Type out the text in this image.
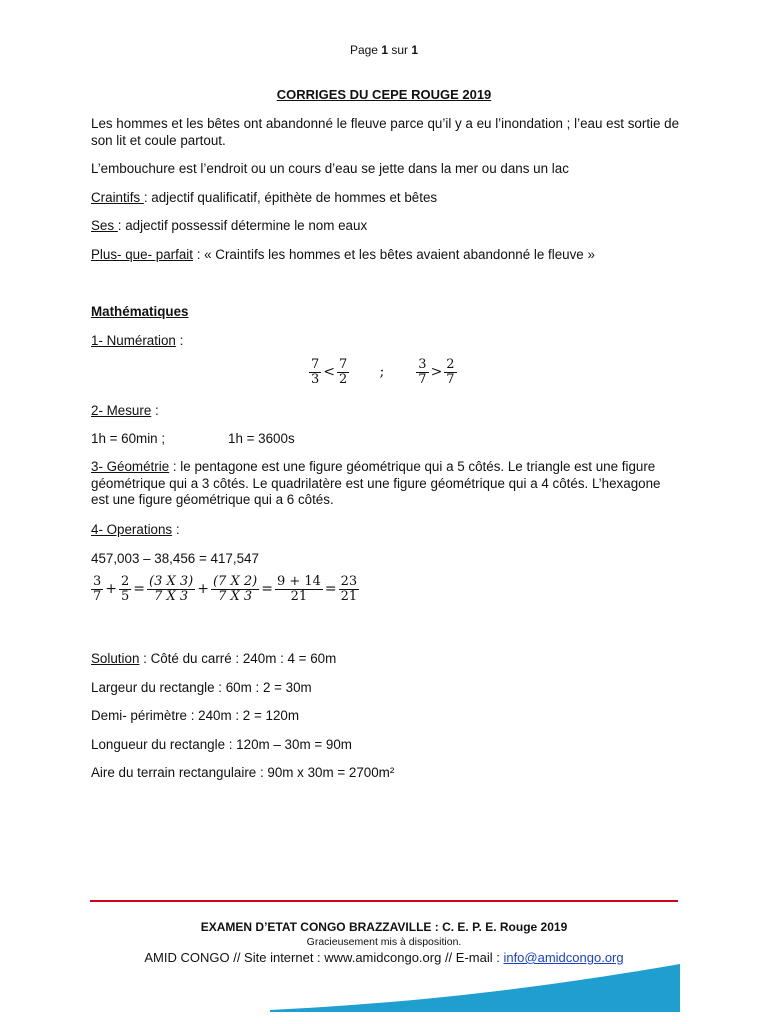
Page 1 sur 1
CORRIGES DU CEPE ROUGE 2019
Les hommes et les bêtes ont abandonné le fleuve parce qu’il y a eu l’inondation ; l’eau est sortie de son lit et coule partout.
L’embouchure est l’endroit ou un cours d’eau se jette dans la mer ou dans un lac
Craintifs : adjectif qualificatif, épithète de hommes et bêtes
Ses : adjectif possessif détermine le nom eaux
Plus- que- parfait : « Craintifs les hommes et les bêtes avaient abandonné le fleuve »
Mathématiques
1- Numération :
$\frac{7}{3} < \frac{7}{2}$ ; $\frac{3}{7} > \frac{2}{7}$
2- Mesure :
1h = 60min ;	1h = 3600s
3- Géométrie : le pentagone est une figure géométrique qui a 5 côtés. Le triangle est une figure géométrique qui a 3 côtés. Le quadrilatère est une figure géométrique qui a 4 côtés. L’hexagone est une figure géométrique qui a 6 côtés.
4- Operations :
457,003 – 38,456 = 417,547
$\frac{3}{7} + \frac{2}{5} = \frac{(3 X 3)}{7 X 3} + \frac{(7 X 2)}{7 X 3} = \frac{9 + 14}{21} = \frac{23}{21}$
Solution : Côté du carré : 240m : 4 = 60m
Largeur du rectangle : 60m : 2 = 30m
Demi- périmètre : 240m : 2 = 120m
Longueur du rectangle : 120m – 30m = 90m
Aire du terrain rectangulaire : 90m x 30m = 2700m²
EXAMEN D’ETAT CONGO BRAZZAVILLE : C. E. P. E. Rouge 2019
Gracieusement mis à disposition.
AMID CONGO // Site internet : www.amidcongo.org // E-mail : info@amidcongo.org
